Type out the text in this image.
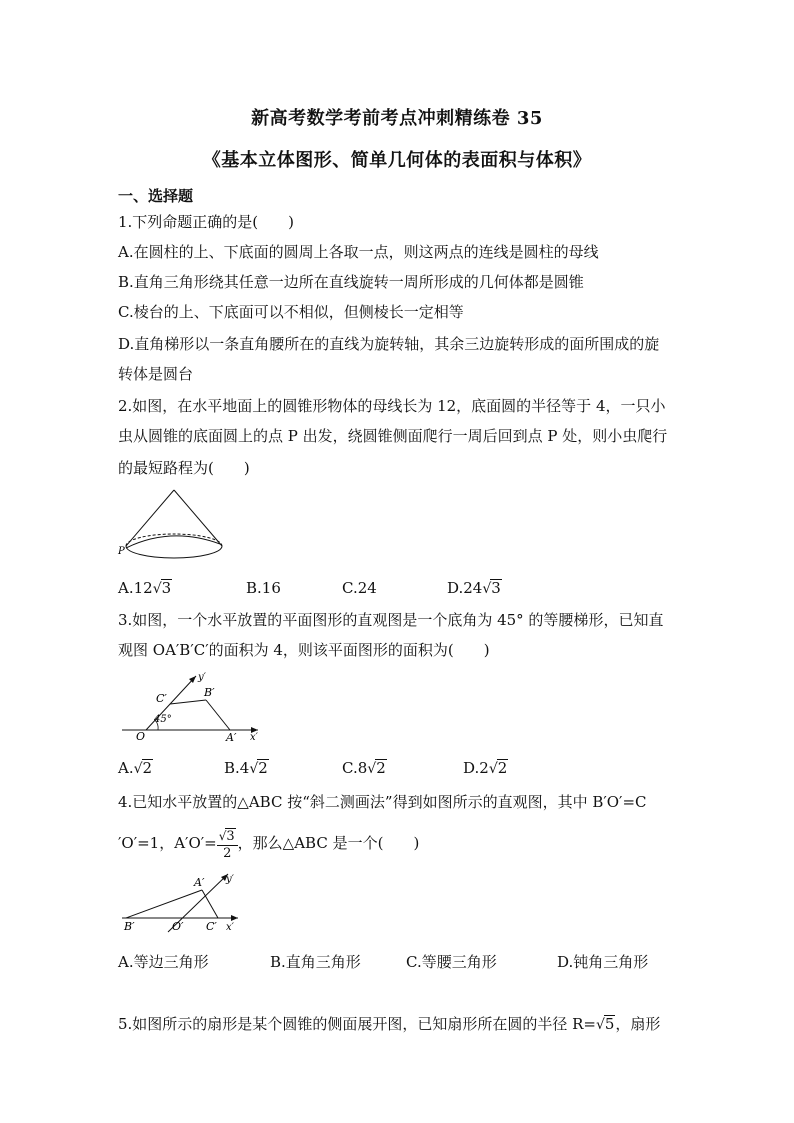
新高考数学考前考点冲刺精练卷 35
《基本立体图形、简单几何体的表面积与体积》
一、选择题
1.下列命题正确的是(　　)
A.在圆柱的上、下底面的圆周上各取一点，则这两点的连线是圆柱的母线
B.直角三角形绕其任意一边所在直线旋转一周所形成的几何体都是圆锥
C.棱台的上、下底面可以不相似，但侧棱长一定相等
D.直角梯形以一条直角腰所在的直线为旋转轴，其余三边旋转形成的面所围成的旋
转体是圆台
2.如图，在水平地面上的圆锥形物体的母线长为 12，底面圆的半径等于 4，一只小
虫从圆锥的底面圆上的点 P 出发，绕圆锥侧面爬行一周后回到点 P 处，则小虫爬行
的最短路程为(　　)
P
A.12√3	B.16	C.24	D.24√3
3.如图，一个水平放置的平面图形的直观图是一个底角为 45° 的等腰梯形，已知直
观图 OA′B′C′的面积为 4，则该平面图形的面积为(　　)
y′
C′	B′
45°
O	A′ x′
A.√2	B.4√2	C.8√2	D.2√2
4.已知水平放置的△ABC 按“斜二测画法”得到如图所示的直观图，其中 B′O′=C
′O′=1，$A'O'= \frac{√3}{2}$ ，那么△ABC 是一个(　　)
A′ y′
B′	O′ C′ x′
A.等边三角形	B.直角三角形	C.等腰三角形	D.钝角三角形
5.如图所示的扇形是某个圆锥的侧面展开图，已知扇形所在圆的半径 R=√5，扇形
